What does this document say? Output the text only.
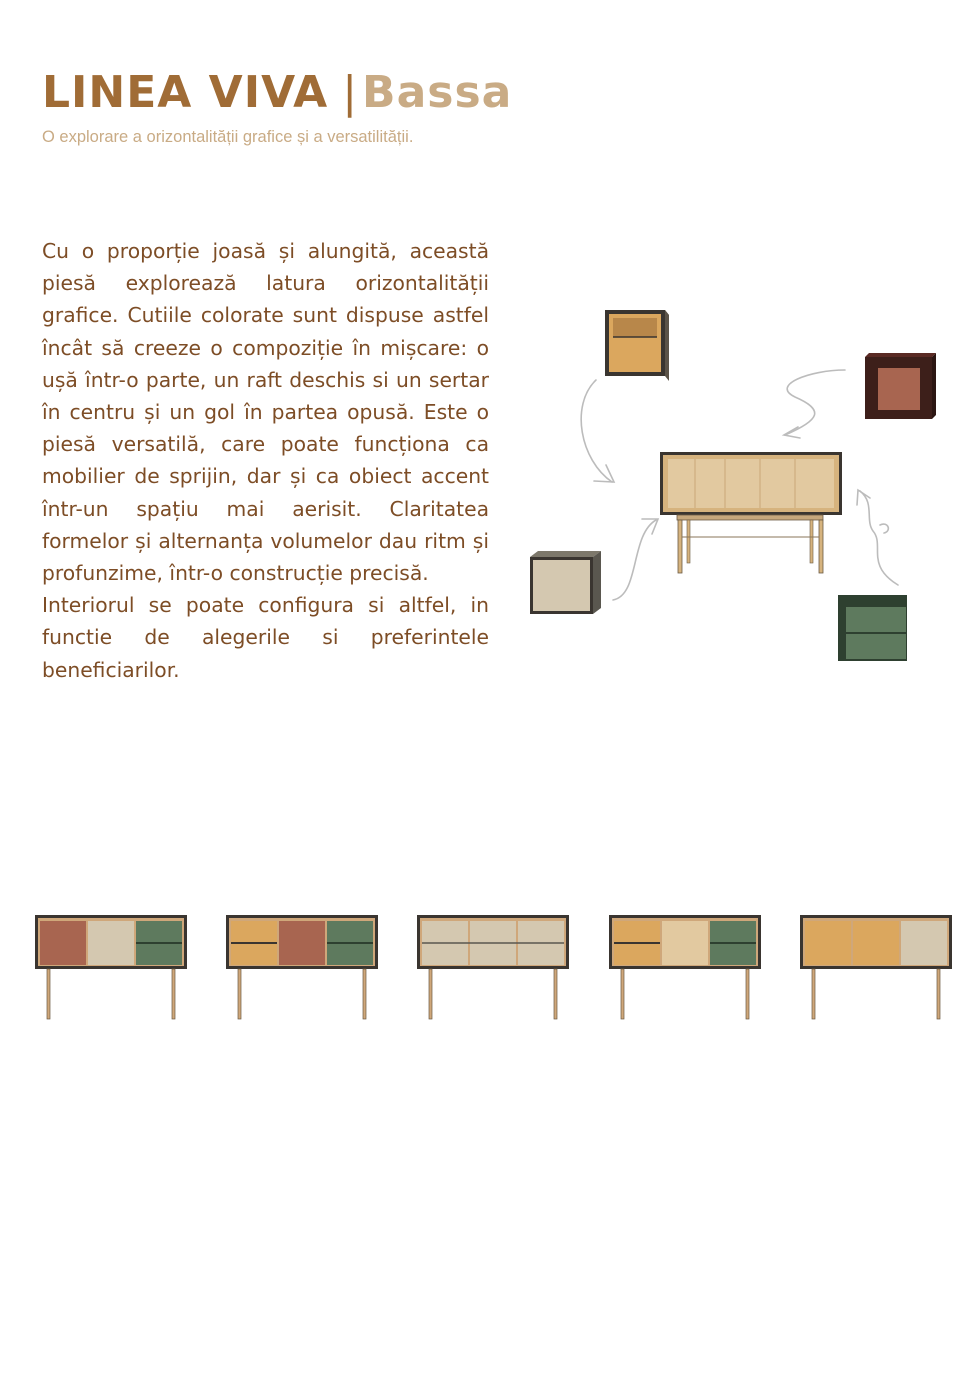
LINEA VIVA |Bassa

O explorare a orizontalității grafice și a versatilității.

Cu o proporție joasă și alungită, această piesă explorează latura orizontalității grafice. Cutiile colorate sunt dispuse astfel încât să creeze o compoziție în mișcare: o ușă într-o parte, un raft deschis si un sertar în centru și un gol în partea opusă. Este o piesă versatilă, care poate funcționa ca mobilier de sprijin, dar și ca obiect accent într-un spațiu mai aerisit. Claritatea formelor și alternanța volumelor dau ritm și profunzime, într-o construcție precisă.

Interiorul se poate configura si altfel, in functie de alegerile si preferintele beneficiarilor.
